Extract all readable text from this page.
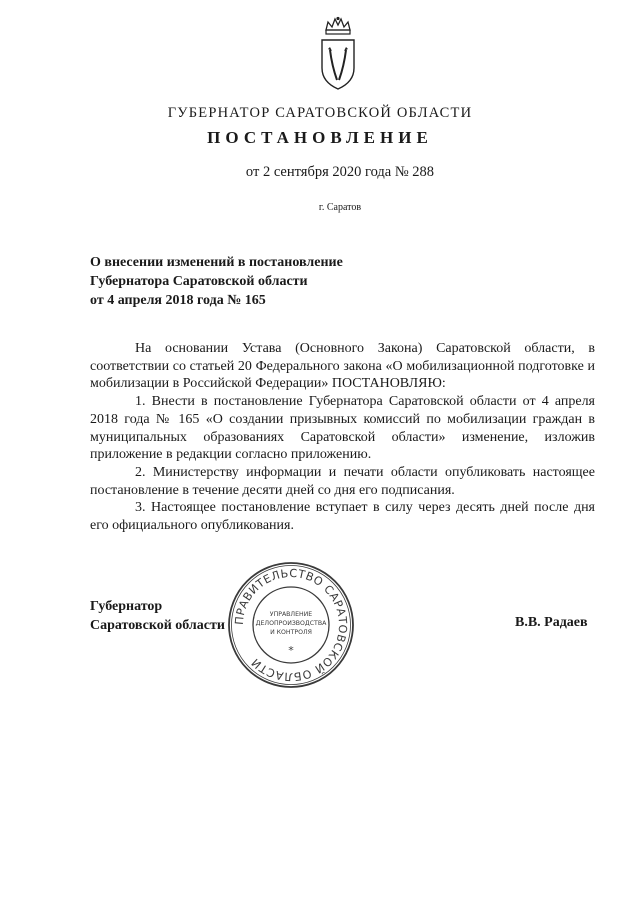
ГУБЕРНАТОР САРАТОВСКОЙ ОБЛАСТИ
ПОСТАНОВЛЕНИЕ
от 2 сентября 2020 года № 288
г. Саратов
О внесении изменений в постановление
Губернатора Саратовской области
от 4 апреля 2018 года № 165

На основании Устава (Основного Закона) Саратовской области, в соответствии со статьей 20 Федерального закона «О мобилизационной подготовке и мобилизации в Российской Федерации» ПОСТАНОВЛЯЮ:

1. Внести в постановление Губернатора Саратовской области от 4 апреля 2018 года № 165 «О создании призывных комиссий по мобилизации граждан в муниципальных образованиях Саратовской области» изменение, изложив приложение в редакции согласно приложению.

2. Министерству информации и печати области опубликовать настоящее постановление в течение десяти дней со дня его подписания.

3. Настоящее постановление вступает в силу через десять дней после дня его официального опубликования.

Губернатор
Саратовской области	В.В. Радаев
ПРАВИТЕЛЬСТВО САРАТОВСКОЙ ОБЛАСТИ
УПРАВЛЕНИЕ
ДЕЛОПРОИЗВОДСТВА
И КОНТРОЛЯ
*
